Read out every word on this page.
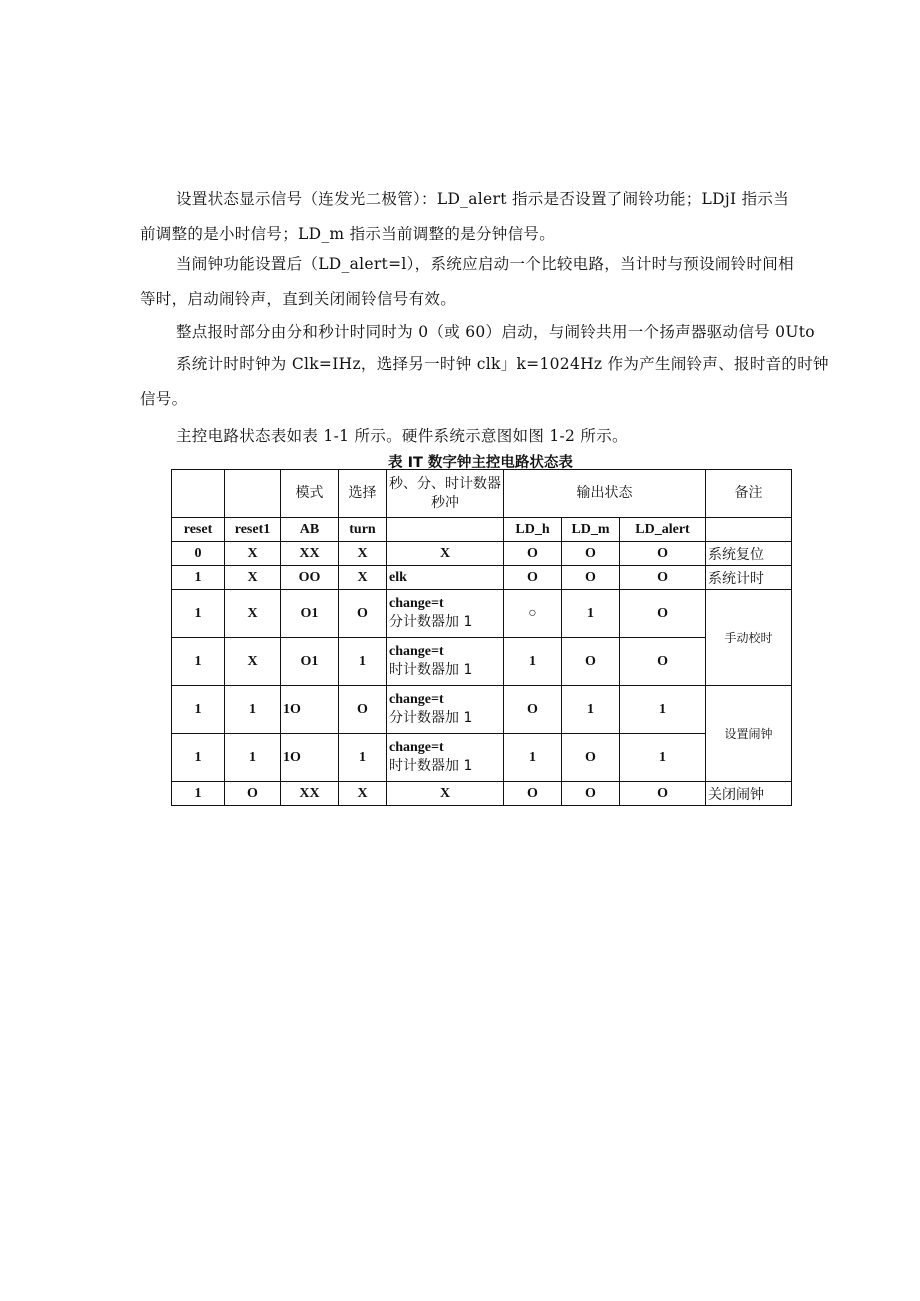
设置状态显示信号（连发光二极管）：LD_alert 指示是否设置了闹铃功能；LDjI 指示当
前调整的是小时信号；LD_m 指示当前调整的是分钟信号。

当闹钟功能设置后（LD_alert=l），系统应启动一个比较电路，当计时与预设闹铃时间相
等时，启动闹铃声，直到关闭闹铃信号有效。

整点报时部分由分和秒计时同时为 0（或 60）启动，与闹铃共用一个扬声器驱动信号 0Uto

系统计时时钟为 Clk=IHz，选择另一时钟 clk」k=1024Hz 作为产生闹铃声、报时音的时钟
信号。

主控电路状态表如表 1-1 所示。硬件系统示意图如图 1-2 所示。
表 IT 数字钟主控电路状态表
		模式	选择	秒、分、时计数器秒冲	输出状态			备注
reset	reset1	AB	turn		LD_h	LD_m	LD_alert	
0	X	XX	X	X	O	O	O	系统复位
1	X	OO	X	elk	O	O	O	系统计时
1	X	O1	O	change=t
分计数器加 1	○	1	O	手动校时
1	X	O1	1	change=t
时计数器加 1	1	O	O	
1	1	1O	O	change=t
分计数器加 1	O	1	1	设置闹钟
1	1	1O	1	change=t
时计数器加 1	1	O	1	
1	O	XX	X	X	O	O	O	关闭闹钟
